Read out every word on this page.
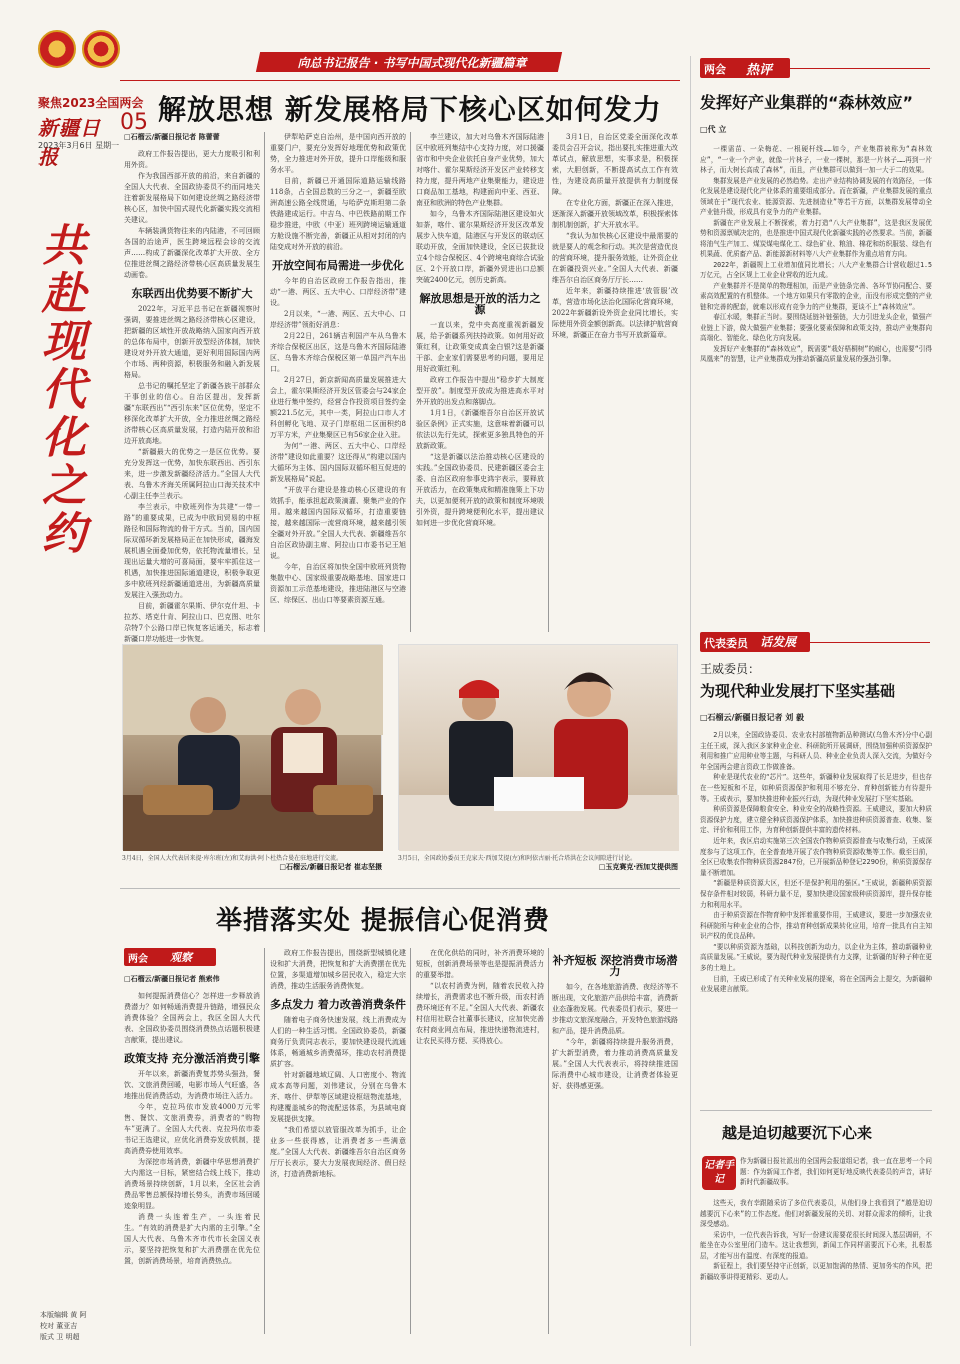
聚焦2023全国两会
新疆日报
05
2023年3月6日 星期一
共赴现代化之约
本版编辑 黄 阿
校对 董亚吉
版式 卫 明超
向总书记报告 · 书写中国式现代化新疆篇章
解放思想 新发展格局下核心区如何发力
□石榴云/新疆日报记者 陈蕾蕾

政府工作报告提出，更大力度吸引和利用外资。

作为我国西部开放的前沿，来自新疆的全国人大代表、全国政协委员不约而同地关注着新发展格局下如何建设丝绸之路经济带核心区，加快中国式现代化新疆实践交流相关建议。

车辆装满货物往来的内陆港，不可回顾各国的治途声，医生跨境远程会诊的交流声……构成了新疆深化改革扩大开放、全方位推进丝绸之路经济带核心区高质量发展生动画卷。

东联西出优势要不断扩大

2022年，习近平总书记在新疆视察时强调，要推进丝绸之路经济带核心区建设，把新疆的区域性开放战略纳入国家向西开放的总体布局中，创新开放型经济体制，加快建设对外开放大通道，更好利用国际国内两个市场、两种资源，积极服务和融入新发展格局。

总书记的嘱托坚定了新疆各族干部群众干事创业的信心。自治区提出，发挥新疆“东联西出”“西引东来”区位优势，坚定不移深化改革扩大开放，全力推进丝绸之路经济带核心区高质量发展，打造内陆开放和沿边开放高地。

“新疆最大的优势之一是区位优势。要充分发挥这一优势，加快东联西出、西引东来，进一步激发新疆经济活力。”全国人大代表、乌鲁木齐海关所属阿拉山口海关技术中心副主任李兰表示。

李兰表示，中欧班列作为共建“一带一路”的重要成果，已成为中欧间贸易的中枢路径和国际物流的骨干方式。当前，国内国际双循环新发展格局正在加快形成，疆海发展机遇全面叠加优势，依托物流量增长，呈现出运量大增的可喜局面，要牢牢抓住这一机遇，加快推进国际通道建设，积极争取更多中欧班列经新疆通道进出，为新疆高质量发展注入强劲动力。

目前，新疆霍尔果斯、伊尔克什坦、卡拉苏、塔克什肯、阿拉山口、巴克图、吐尔尕特7个公路口岸已恢复客运通关，标志着新疆口岸功能进一步恢复。

伊犁哈萨克自治州，是中国向西开放的重要门户，要充分发挥好地理优势和政策优势，全力推进对外开放，提升口岸能级和服务水平。

目前，新疆已开通国际道路运输线路118条，占全国总数的三分之一，新疆至欧洲高速公路全线贯通，与哈萨克斯坦第二条铁路建成运行。中吉乌、中巴铁路前期工作稳步推进，中欧（中亚）班列跨境运输通道方舱设施不断完善，新疆正从相对封闭的内陆变成对外开放的前沿。

开放空间布局需进一步优化

今年的自治区政府工作报告指出，推动“一港、两区、五大中心、口岸经济带”建设。

2月以来，“一港、两区、五大中心、口岸经济带”领衔好消息：

2月22日，261辆吉利国产车从乌鲁木齐综合保税区出区，这是乌鲁木齐国际陆港区、乌鲁木齐综合保税区第一单国产汽车出口。

2月27日，新京新闻高质量发展推进大会上，霍尔果斯经济开发区管委会与24家企业进行集中签约，经营合作投资项目签约金额221.5亿元，其中一类，阿拉山口市人才科创孵化飞地、双子门岸枢纽二区面积约8万平方米，产业集聚区已有56家企业入驻。

为何“一港、两区、五大中心、口岸经济带”建设如此重要？这还得从“构建以国内大循环为主体、国内国际双循环相互促进的新发展格局”说起。

“开放平台建设是推动核心区建设的有效抓手，能承担起政策滴灌、聚集产业的作用。越来越国内国际双循环，打造重要链接，越来越国际一流营商环境，越来越引领全疆对外开放。”全国人大代表、新疆维吾尔自治区政协副主席、阿拉山口市委书记王旭说。

今年，自治区将加快全国中欧班列货物集散中心、国家级重要战略基地、国家进口资源加工示范基地建设，推进陆港区与空港区、综保区、出山口等要素资源互通。

李兰建议，加大对乌鲁木齐国际陆港区中欧班列集结中心支持力度，对口援疆省市和中央企业依托自身产业优势，加大对喀什、霍尔果斯经济开发区产业转移支持力度，提升两地产业集聚能力，建设进口商品加工基地，构建面向中亚、西亚、南亚和欧洲的特色产业集群。

如今，乌鲁木齐国际陆港区建设如火如荼，喀什、霍尔果斯经济开发区改革发展步入快车道，陆港区与开发区的联动区联动开放，全面加快建设，全区已拔批设立4个综合保税区、4个跨境电商综合试验区、2个开放口岸，新疆外贸进出口总额突破2400亿元，创历史新高。

解放思想是开放的活力之源

一直以来，党中央高度重视新疆发展，给予新疆系列扶持政策。如何用好政策红利，让政策变成真金白银?这是新疆干部、企业家们需要思考的问题，要用足用好政策红利。

政府工作报告中提出“稳步扩大制度型开放”。制度型开放成为推进高水平对外开放的出发点和落脚点。

1月1日，《新疆维吾尔自治区开放试验区条例》正式实施，这意味着新疆可以依法以先行先试，探索更多独具特色的开放新政策。

“这是新疆以法治推动核心区建设的实践。”全国政协委员、民建新疆区委会主委、自治区政府参事史鸿宇表示，要释放开放活力，在政策集成和精准施策上下功夫，以更加便利开放的政策和制度环境吸引外资，提升跨境便利化水平，提出建议如何进一步优化营商环境。

3月1日，自治区党委全面深化改革委员会召开会议，指出要扎实推进重大改革试点，解放思想，实事求是，积极探索，大胆创新，不断提高试点工作有效性，为建设高质量开放提供有力制度保障。

在专业化方面，新疆正在深入推进，逐渐深入新疆开放领域改革，积极探索体制机制创新，扩大开放水平。

“我认为加快核心区建设中最需要的就是要人的观念和行动。其次是营造优良的营商环境，提升服务效能，让外资企业在新疆投资兴业。”全国人大代表、新疆维吾尔自治区商务厅厅长……

近年来，新疆持续推进‘放管服’改革，营造市场化法治化国际化营商环境，2022年新疆新设外资企业同比增长，实际使用外资金额创新高。以法律护航营商环境，新疆正在奋力书写开放新篇章。

两会 热评
发挥好产业集群的“森林效应”
□代 立

一棵需苗、一朵梅花、一根硬杆线……如今，产业集群被称为“森林效应”，“一业一个产业，就像一片林子，一业一棵树，那是一片林子……再到一片林子，而大树长高成了森林”，而且，产业集群可以做到一加一大于二的效果。

集群发展是产业发展的必然趋势。走出产业结构协调发展的有效路径，一体化发展是建设现代化产业体系的重要组成部分。而在新疆，产业集群发展的重点领域在于“现代农业、能源资源、先进制造业”等若干方面，以集群发展带动全产业链升级，形成具有竞争力的产业集群。

新疆在产业发展上不断探索，着力打造“八大产业集群”，这是我区发展优势和资源禀赋决定的，也是推进中国式现代化新疆实践的必然要求。当前，新疆将油气生产加工、煤炭煤电煤化工、绿色矿业、粮油、棉花和纺织服装、绿色有机果蔬、优质畜产品、新能源新材料等八大产业集群作为重点培育方向。

2022年，新疆规上工业增加值同比增长；八大产业集群合计营收超过1.5万亿元，占全区规上工业企业营收的近九成。

产业集群并不是简单的物理相加，而是产业链条完善、各环节协同配合、要素高效配置的有机整体。一个地方如果只有零散的企业，而没有形成完整的产业链和完善的配套，就难以形成有竞争力的产业集群，更谈不上“森林效应”。

春江水暖，集群正当时。要围绕延链补链强链，大力引进龙头企业，做强产业链上下游，做大做强产业集群；要强化要素保障和政策支持，推动产业集群向高端化、智能化、绿色化方向发展。

发挥好产业集群的“森林效应”，既需要“栽好梧桐树”的耐心，也需要“引得凤凰来”的智慧，让产业集群成为推动新疆高质量发展的强劲引擎。

3月4日，全国人大代表居来提·库尔班(左)和艾海洪·阿卜杜热合曼在驻地进行交流。
□石榴云/新疆日报记者 崔志坚摄
3月5日，全国政协委员王克家夫·西加艾提(左)和阿依古丽·托合塔洪在会议间隙进行讨论。
□玉克赛克·西加艾提供图
代表委员 话发展
王威委员：
为现代种业发展打下坚实基础
□石榴云/新疆日报记者 刘 毅

2月以来，全国政协委员、农业农村部植物新品种测试(乌鲁木齐)分中心副主任王威，深入我区多家种业企业、科研院所开展调研，围绕加强种质资源保护利用和推广应用种业等主题，与科研人员、种业企业负责人深入交流，为做好今年全国两会建言资政工作做准备。

种业是现代农业的“芯片”。这些年，新疆种业发展取得了长足进步，但也存在一些短板和不足，如种质资源保护和利用不够充分、育种创新能力有待提升等。王威表示，要加快推进种业振兴行动，为现代种业发展打下坚实基础。

种质资源是保障粮食安全、种业安全的战略性资源。王威建议，要加大种质资源保护力度，建立健全种质资源保护体系，加快推进种质资源普查、收集、鉴定、评价和利用工作，为育种创新提供丰富的遗传材料。

近年来，我区启动实施第三次全国农作物种质资源普查与收集行动，王威深度参与了这项工作，在全普查地开展了农作物种质资源收集等工作。截至目前，全区已收集农作物种质资源2847份，已开展新品种登记2290份，种质资源保存量不断增加。

“新疆是种质资源大区，但还不是保护利用的强区。”王威说，新疆种质资源保存条件相对较弱，科研力量不足，要加快建设国家级种质资源库，提升保存能力和利用水平。

由于种质资源在作物育种中发挥着重要作用，王威建议，要进一步加强农业科研院所与种业企业的合作，推动育种创新成果转化应用，培育一批具有自主知识产权的优良品种。

“要以种质资源为基础，以科技创新为动力，以企业为主体，推动新疆种业高质量发展。”王威说，要为现代种业发展提供有力支撑，让新疆的好种子种在更多的土地上。

目前，王威已形成了有关种业发展的提案，将在全国两会上提交，为新疆种业发展建言献策。

举措落实处 提振信心促消费
两会 观察
□石榴云/新疆日报记者 熊索伟

如何提振消费信心？怎样进一步释放消费潜力？如何畅通消费提升链路，增强民众消费体验？全国两会上，我区全国人大代表、全国政协委员围绕消费热点话题积极建言献策，提出建议。

政策支持 充分激活消费引擎

开年以来，新疆消费复苏势头强劲，餐饮、文旅消费回暖，电影市场人气旺盛，各地推出促消费活动，为消费市场注入活力。

今年，克拉玛依市发放4000万元零售、餐饮、文旅消费券，消费者的“购物车”更满了。全国人大代表、克拉玛依市委书记王选建议，应优化消费券发放机制，提高消费券使用效率。

为深挖市场消费，新疆中华思想消费扩大内需这一目标，紧密结合线上线下，推动消费场景持续创新，1月以来，全区社会消费品零售总额保持增长势头，消费市场回暖迹象明显。

消费一头连着生产，一头连着民生。“有效的消费是扩大内需的主引擎。”全国人大代表、乌鲁木齐市代市长金国义表示，要坚持把恢复和扩大消费摆在优先位置，创新消费场景，培育消费热点。

政府工作报告提出，围绕新型城镇化建设和扩大消费，把恢复和扩大消费摆在优先位置，多渠道增加城乡居民收入，稳定大宗消费，推动生活服务消费恢复。

多点发力 着力改善消费条件

随着电子商务快速发展，线上消费成为人们的一种生活习惯。全国政协委员，新疆商务厅负责同志表示，要加快建设现代流通体系，畅通城乡消费循环，推动农村消费提质扩容。

针对新疆地域辽阔、人口密度小、物流成本高等问题，刘伟建议，分别在乌鲁木齐、喀什、伊犁等区域建设枢纽物流基地，构建覆盖城乡的物流配送体系，为县域电商发展提供支撑。

“我们希望以放管服改革为抓手，让企业多一些获得感，让消费者多一些满意度。”全国人大代表、新疆维吾尔自治区商务厅厅长表示，要大力发展夜间经济、假日经济，打造消费新地标。

在优化供给的同时，补齐消费环境的短板，创新消费场景等也是提振消费活力的重要举措。

“以农村消费为例，随着农民收入持续增长，消费需求也不断升级，而农村消费环境还有不足。”全国人大代表、新疆农村信用社联合社董事长建议，应加快完善农村商业网点布局，推进快递物流进村，让农民买得方便、买得放心。

补齐短板 深挖消费市场潜力

如今，在各地旅游消费、夜经济等不断出现，文化旅游产品供给丰富，消费新业态蓬勃发展。代表委员们表示，要进一步推动文旅深度融合，开发特色旅游线路和产品，提升消费品质。

“今年，新疆将持续提升服务消费，扩大新型消费，着力推动消费高质量发展。”全国人大代表表示，将持续推进国际消费中心城市建设，让消费者体验更好、获得感更强。

越是迫切越要沉下心来
记者手记

作为新疆日报社派出的全国两会报道组记者，我一直在思考一个问题：作为新闻工作者，我们如何更好地反映代表委员的声音，讲好新时代新疆故事。

这些天，我有幸跟随采访了多位代表委员，从他们身上我看到了“越是迫切越要沉下心来”的工作态度。他们对新疆发展的关切、对群众需求的倾听，让我深受感动。

采访中，一位代表告诉我，写好一份建议需要花很长时间深入基层调研，不能坐在办公室里闭门造车。这让我想到，新闻工作同样需要沉下心来，扎根基层，才能写出有温度、有深度的报道。

新征程上，我们要坚持守正创新，以更加饱满的热情、更加务实的作风，把新疆故事讲得更精彩、更动人。
